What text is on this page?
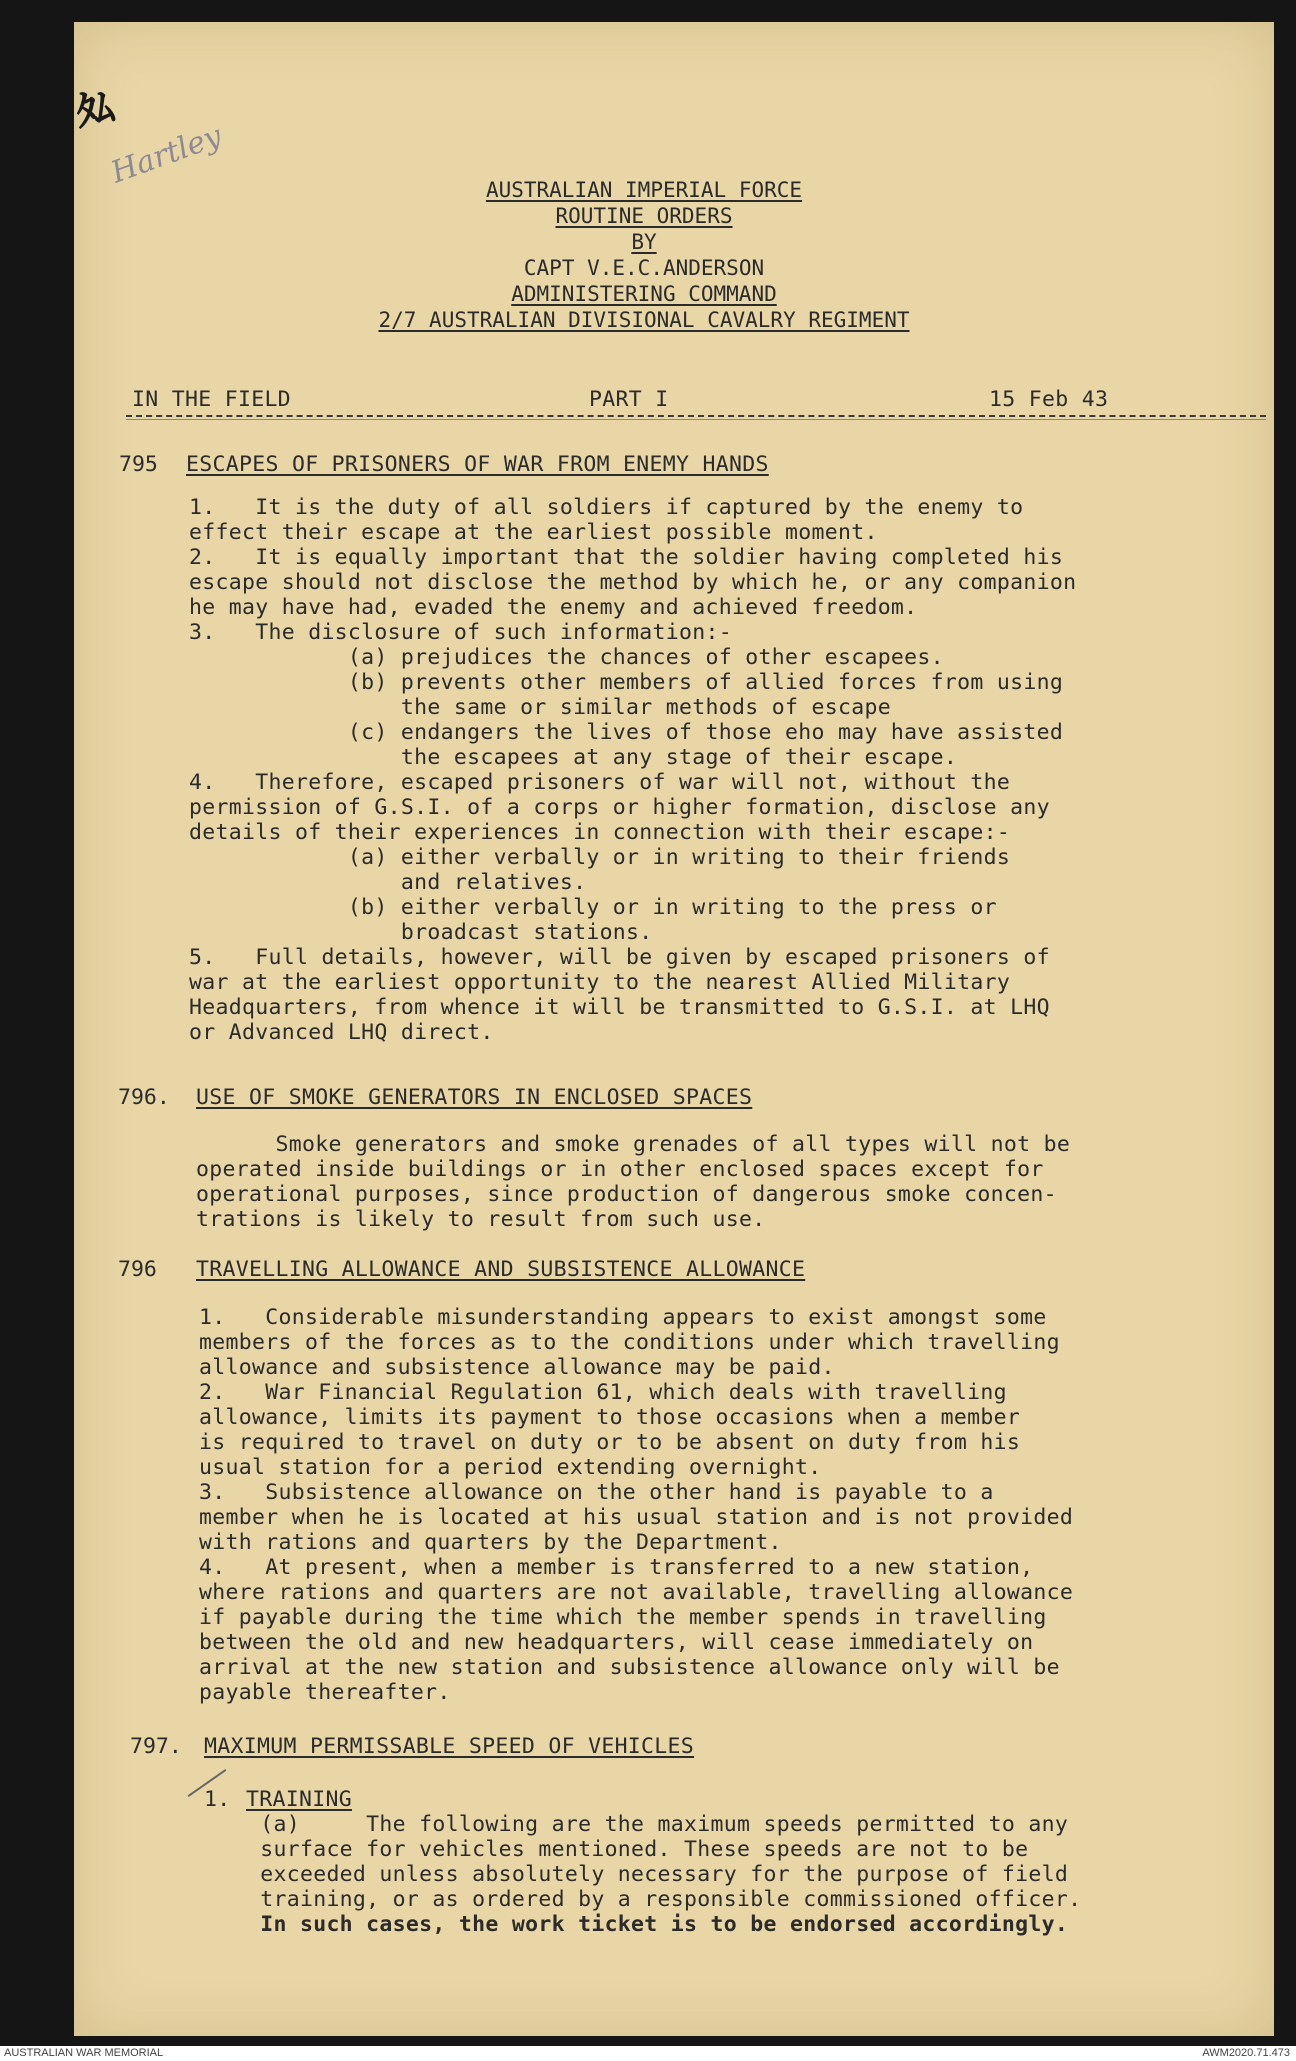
ﾀﾑ
Hartley	AUSTRALIAN IMPERIAL FORCE
ROUTINE ORDERS
BY
CAPT V.E.C.ANDERSON
ADMINISTERING COMMAND
2/7 AUSTRALIAN DIVISIONAL CAVALRY REGIMENT
IN THE FIELD	PART I	15 Feb 43
795 ESCAPES OF PRISONERS OF WAR FROM ENEMY HANDS
1.   It is the duty of all soldiers if captured by the enemy to
effect their escape at the earliest possible moment.
2.   It is equally important that the soldier having completed his
escape should not disclose the method by which he, or any companion
he may have had, evaded the enemy and achieved freedom.
3.   The disclosure of such information:-
(a) prejudices the chances of other escapees.
(b) prevents other members of allied forces from using
the same or similar methods of escape
(c) endangers the lives of those eho may have assisted
the escapees at any stage of their escape.
4.   Therefore, escaped prisoners of war will not, without the
permission of G.S.I. of a corps or higher formation, disclose any
details of their experiences in connection with their escape:-
(a) either verbally or in writing to their friends
and relatives.
(b) either verbally or in writing to the press or
broadcast stations.
5.   Full details, however, will be given by escaped prisoners of
war at the earliest opportunity to the nearest Allied Military
Headquarters, from whence it will be transmitted to G.S.I. at LHQ
or Advanced LHQ direct.
796. USE OF SMOKE GENERATORS IN ENCLOSED SPACES
Smoke generators and smoke grenades of all types will not be
operated inside buildings or in other enclosed spaces except for
operational purposes, since production of dangerous smoke concen-
trations is likely to result from such use.
796 TRAVELLING ALLOWANCE AND SUBSISTENCE ALLOWANCE
1.   Considerable misunderstanding appears to exist amongst some
members of the forces as to the conditions under which travelling
allowance and subsistence allowance may be paid.
2.   War Financial Regulation 61, which deals with travelling
allowance, limits its payment to those occasions when a member
is required to travel on duty or to be absent on duty from his
usual station for a period extending overnight.
3.   Subsistence allowance on the other hand is payable to a
member when he is located at his usual station and is not provided
with rations and quarters by the Department.
4.   At present, when a member is transferred to a new station,
where rations and quarters are not available, travelling allowance
if payable during the time which the member spends in travelling
between the old and new headquarters, will cease immediately on
arrival at the new station and subsistence allowance only will be
payable thereafter.
797. MAXIMUM PERMISSABLE SPEED OF VEHICLES
1. TRAINING
(a)     The following are the maximum speeds permitted to any
surface for vehicles mentioned. These speeds are not to be
exceeded unless absolutely necessary for the purpose of field
training, or as ordered by a responsible commissioned officer.
In such cases, the work ticket is to be endorsed accordingly.
AUSTRALIAN WAR MEMORIAL	AWM2020.71.473
